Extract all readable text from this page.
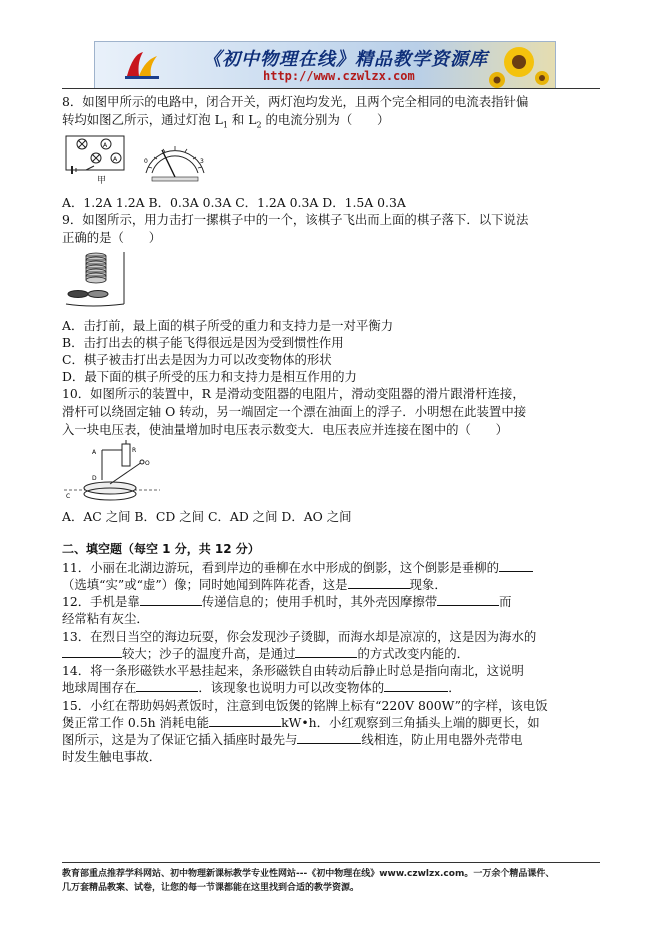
《初中物理在线》精品教学资源库
http://www.czwlzx.com
8．如图甲所示的电路中，闭合开关，两灯泡均发光，且两个完全相同的电流表指针偏
转均如图乙所示，通过灯泡 $L_1$ 和 $L_2$ 的电流分别为（　　）
A
A
甲
0	3
A．1.2A 1.2A B．0.3A 0.3A C．1.2A 0.3A D．1.5A 0.3A
9．如图所示，用力击打一摞棋子中的一个，该棋子飞出而上面的棋子落下．以下说法
正确的是（　　）
A．击打前，最上面的棋子所受的重力和支持力是一对平衡力
B．击打出去的棋子能飞得很远是因为受到惯性作用
C．棋子被击打出去是因为力可以改变物体的形状
D．最下面的棋子所受的压力和支持力是相互作用的力
10．如图所示的装置中，R 是滑动变阻器的电阻片，滑动变阻器的滑片跟滑杆连接，
滑杆可以绕固定轴 O 转动，另一端固定一个漂在油面上的浮子．小明想在此装置中接
入一块电压表，使油量增加时电压表示数变大．电压表应并连接在图中的（　　）
R
O
A
D
C
A．AC 之间 B．CD 之间 C．AD 之间 D．AO 之间
二、填空题（每空 1 分，共 12 分）
11．小丽在北湖边游玩，看到岸边的垂柳在水中形成的倒影，这个倒影是垂柳的
（选填“实”或“虚”）像；同时她闻到阵阵花香，这是	现象．
12．手机是靠	传递信息的；使用手机时，其外壳因摩擦带	而
经常粘有灰尘．
13．在烈日当空的海边玩耍，你会发现沙子烫脚，而海水却是凉凉的，这是因为海水的
较大；沙子的温度升高，是通过	的方式改变内能的．
14．将一条形磁铁水平悬挂起来，条形磁铁自由转动后静止时总是指向南北，这说明
地球周围存在	．该现象也说明力可以改变物体的	．
15．小红在帮助妈妈煮饭时，注意到电饭煲的铭牌上标有“220V 800W”的字样，该电饭
煲正常工作 0.5h 消耗电能	kW•h．小红观察到三角插头上端的脚更长，如
图所示，这是为了保证它插入插座时最先与	线相连，防止用电器外壳带电
时发生触电事故．
教育部重点推荐学科网站、初中物理新课标教学专业性网站---《初中物理在线》www.czwlzx.com。一万余个精品课件、
几万套精品教案、试卷，让您的每一节课都能在这里找到合适的教学资源。
